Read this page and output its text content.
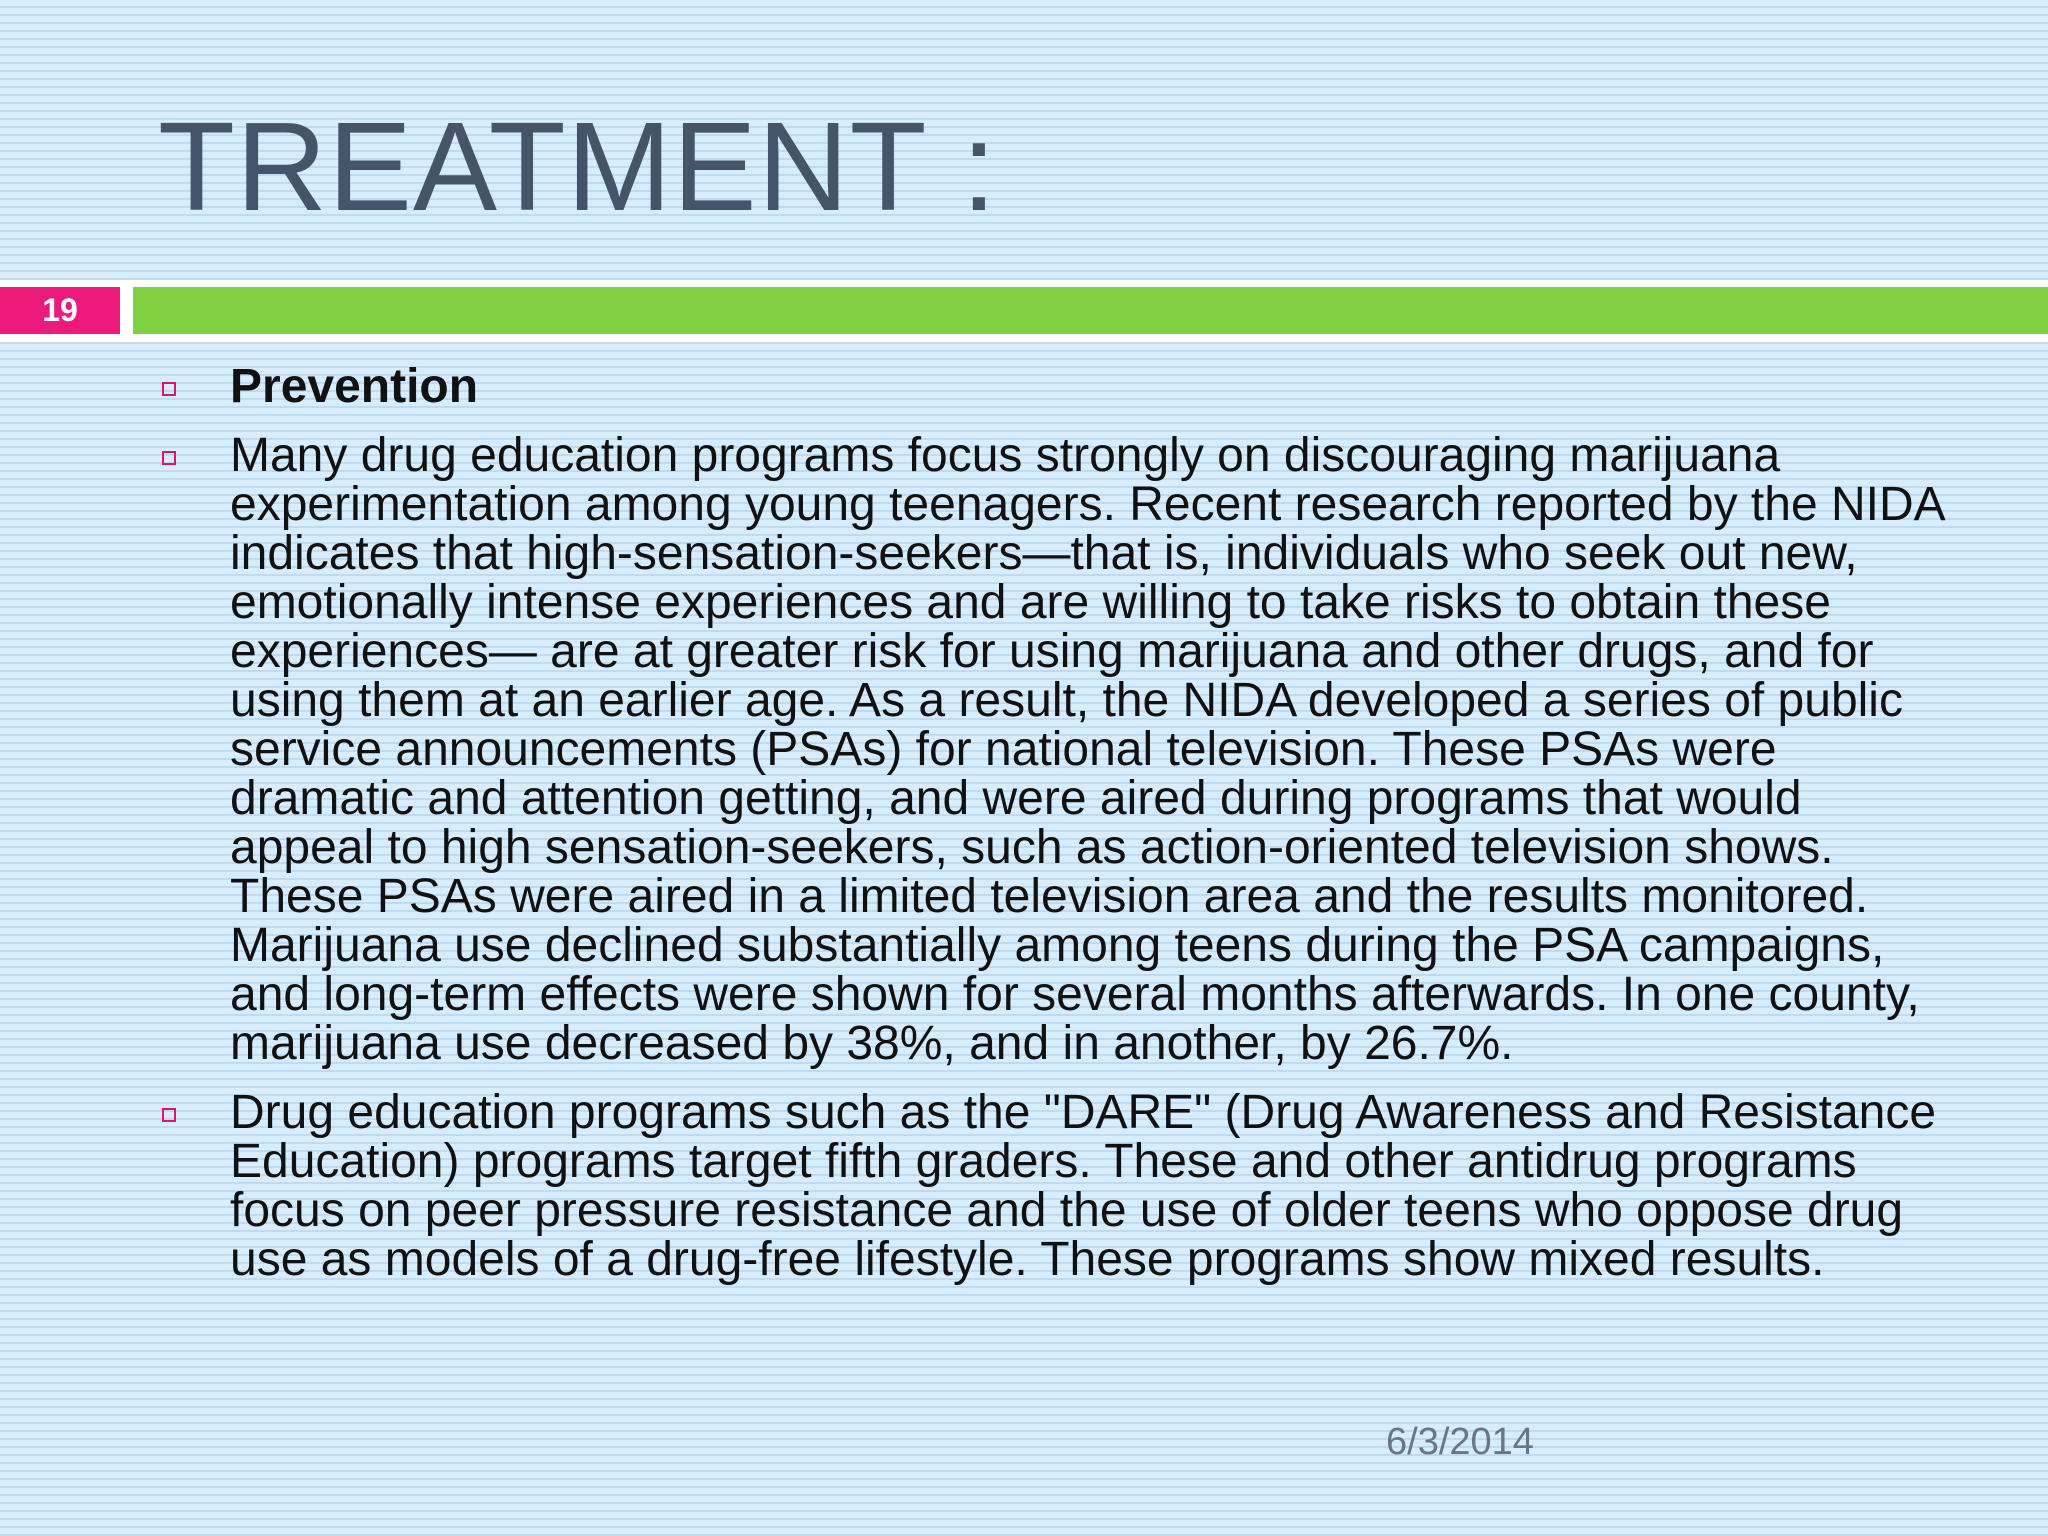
TREATMENT :
19
Prevention
Many drug education programs focus strongly on discouraging marijuana experimentation among young teenagers. Recent research reported by the NIDA indicates that high-sensation-seekers—that is, individuals who seek out new, emotionally intense experiences and are willing to take risks to obtain these experiences— are at greater risk for using marijuana and other drugs, and for using them at an earlier age. As a result, the NIDA developed a series of public service announcements (PSAs) for national television. These PSAs were dramatic and attention getting, and were aired during programs that would appeal to high sensation-seekers, such as action-oriented television shows. These PSAs were aired in a limited television area and the results monitored. Marijuana use declined substantially among teens during the PSA campaigns, and long-term effects were shown for several months afterwards. In one county, marijuana use decreased by 38%, and in another, by 26.7%.
Drug education programs such as the "DARE" (Drug Awareness and Resistance Education) programs target fifth graders. These and other antidrug programs focus on peer pressure resistance and the use of older teens who oppose drug use as models of a drug-free lifestyle. These programs show mixed results.
6/3/2014
